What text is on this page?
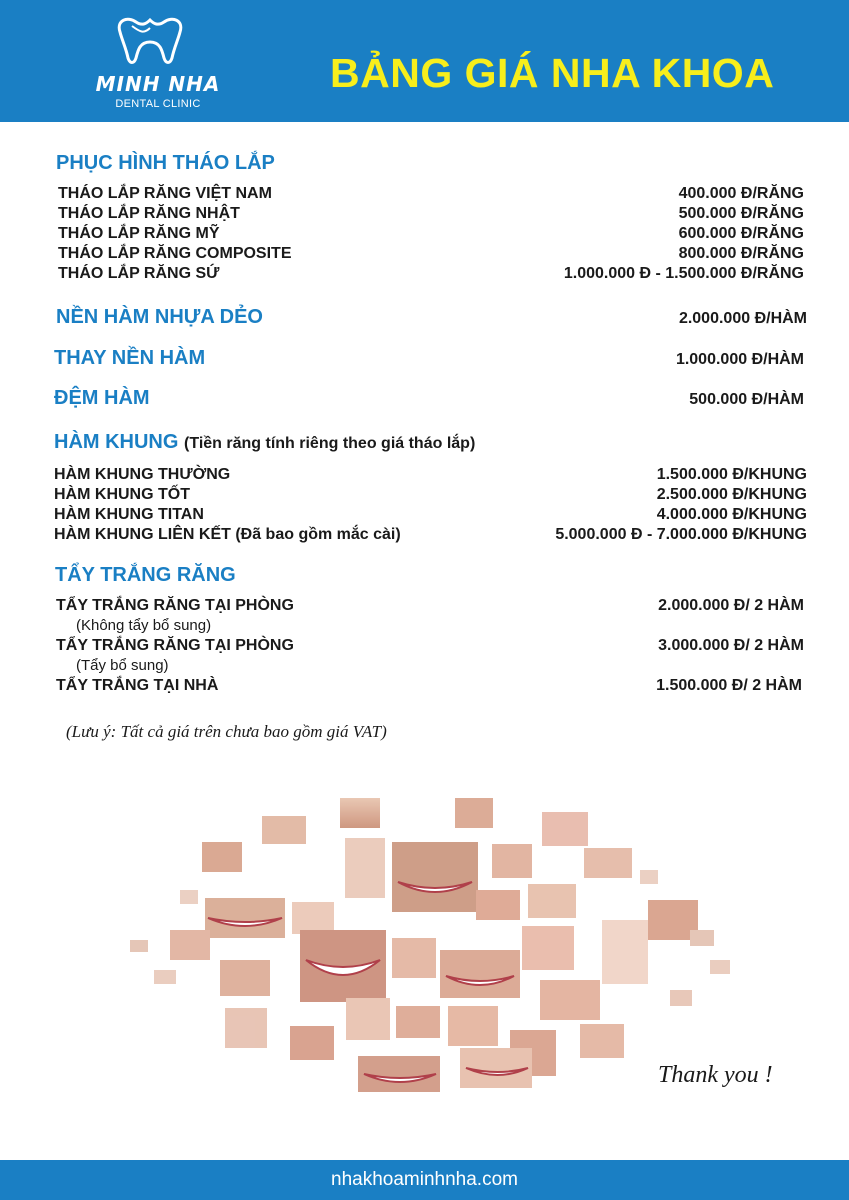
MINH NHA
DENTAL CLINIC
BẢNG GIÁ NHA KHOA
PHỤC HÌNH THÁO LẮP
THÁO LẮP RĂNG VIỆT NAM	400.000 Đ/RĂNG
THÁO LẮP RĂNG NHẬT	500.000 Đ/RĂNG
THÁO LẮP RĂNG MỸ	600.000 Đ/RĂNG
THÁO LẮP RĂNG COMPOSITE	800.000 Đ/RĂNG
THÁO LẮP RĂNG SỨ	1.000.000 Đ - 1.500.000 Đ/RĂNG
NỀN HÀM NHỰA DẺO	2.000.000 Đ/HÀM
THAY NỀN HÀM	1.000.000 Đ/HÀM
ĐỆM HÀM	500.000 Đ/HÀM
HÀM KHUNG (Tiền răng tính riêng theo giá tháo lắp)
HÀM KHUNG THƯỜNG	1.500.000 Đ/KHUNG
HÀM KHUNG TỐT	2.500.000 Đ/KHUNG
HÀM KHUNG TITAN	4.000.000 Đ/KHUNG
HÀM KHUNG LIÊN KẾT (Đã bao gồm mắc cài)	5.000.000 Đ - 7.000.000 Đ/KHUNG
TẨY TRẮNG RĂNG
TẨY TRẮNG RĂNG TẠI PHÒNG	2.000.000 Đ/ 2 HÀM
(Không tẩy bổ sung)
TẨY TRẮNG RĂNG TẠI PHÒNG	3.000.000 Đ/ 2 HÀM
(Tẩy bổ sung)
TẨY TRẮNG TẠI NHÀ	1.500.000 Đ/ 2 HÀM
(Lưu ý: Tất cả giá trên chưa bao gồm giá VAT)
Thank you !
nhakhoaminhnha.com
